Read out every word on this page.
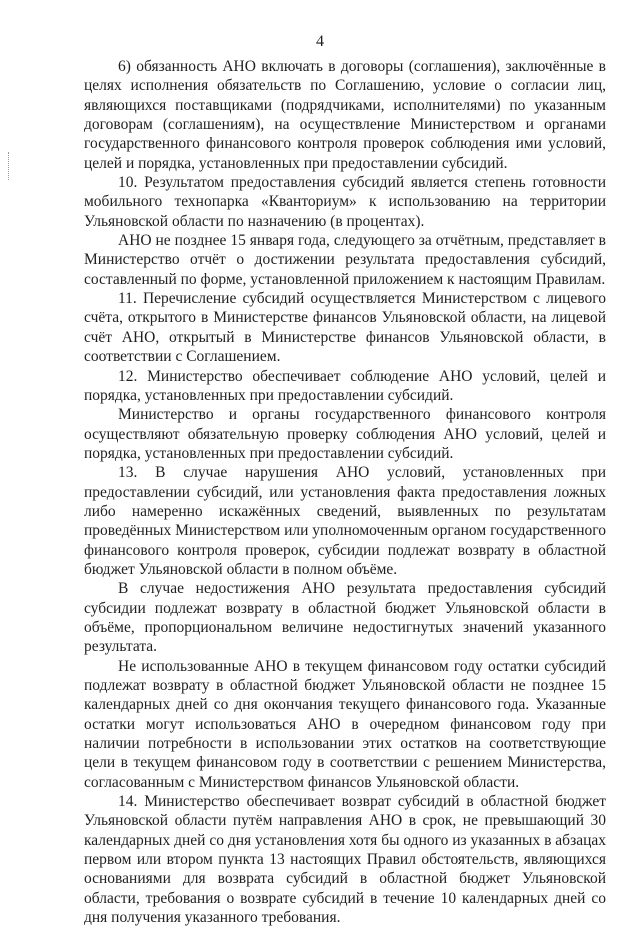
4

6) обязанность АНО включать в договоры (соглашения), заключённые в целях исполнения обязательств по Соглашению, условие о согласии лиц, являющихся поставщиками (подрядчиками, исполнителями) по указанным договорам (соглашениям), на осуществление Министерством и органами государственного финансового контроля проверок соблюдения ими условий, целей и порядка, установленных при предоставлении субсидий.

10. Результатом предоставления субсидий является степень готовности мобильного технопарка «Кванториум» к использованию на территории Ульяновской области по назначению (в процентах).

АНО не позднее 15 января года, следующего за отчётным, представляет в Министерство отчёт о достижении результата предоставления субсидий, составленный по форме, установленной приложением к настоящим Правилам.

11. Перечисление субсидий осуществляется Министерством с лицевого счёта, открытого в Министерстве финансов Ульяновской области, на лицевой счёт АНО, открытый в Министерстве финансов Ульяновской области, в соответствии с Соглашением.

12. Министерство обеспечивает соблюдение АНО условий, целей и порядка, установленных при предоставлении субсидий.

Министерство и органы государственного финансового контроля осуществляют обязательную проверку соблюдения АНО условий, целей и порядка, установленных при предоставлении субсидий.

13. В случае нарушения АНО условий, установленных при предоставлении субсидий, или установления факта предоставления ложных либо намеренно искажённых сведений, выявленных по результатам проведённых Министерством или уполномоченным органом государственного финансового контроля проверок, субсидии подлежат возврату в областной бюджет Ульяновской области в полном объёме.

В случае недостижения АНО результата предоставления субсидий субсидии подлежат возврату в областной бюджет Ульяновской области в объёме, пропорциональном величине недостигнутых значений указанного результата.

Не использованные АНО в текущем финансовом году остатки субсидий подлежат возврату в областной бюджет Ульяновской области не позднее 15 календарных дней со дня окончания текущего финансового года. Указанные остатки могут использоваться АНО в очередном финансовом году при наличии потребности в использовании этих остатков на соответствующие цели в текущем финансовом году в соответствии с решением Министерства, согласованным с Министерством финансов Ульяновской области.

14. Министерство обеспечивает возврат субсидий в областной бюджет Ульяновской области путём направления АНО в срок, не превышающий 30 календарных дней со дня установления хотя бы одного из указанных в абзацах первом или втором пункта 13 настоящих Правил обстоятельств, являющихся основаниями для возврата субсидий в областной бюджет Ульяновской области, требования о возврате субсидий в течение 10 календарных дней со дня получения указанного требования.
